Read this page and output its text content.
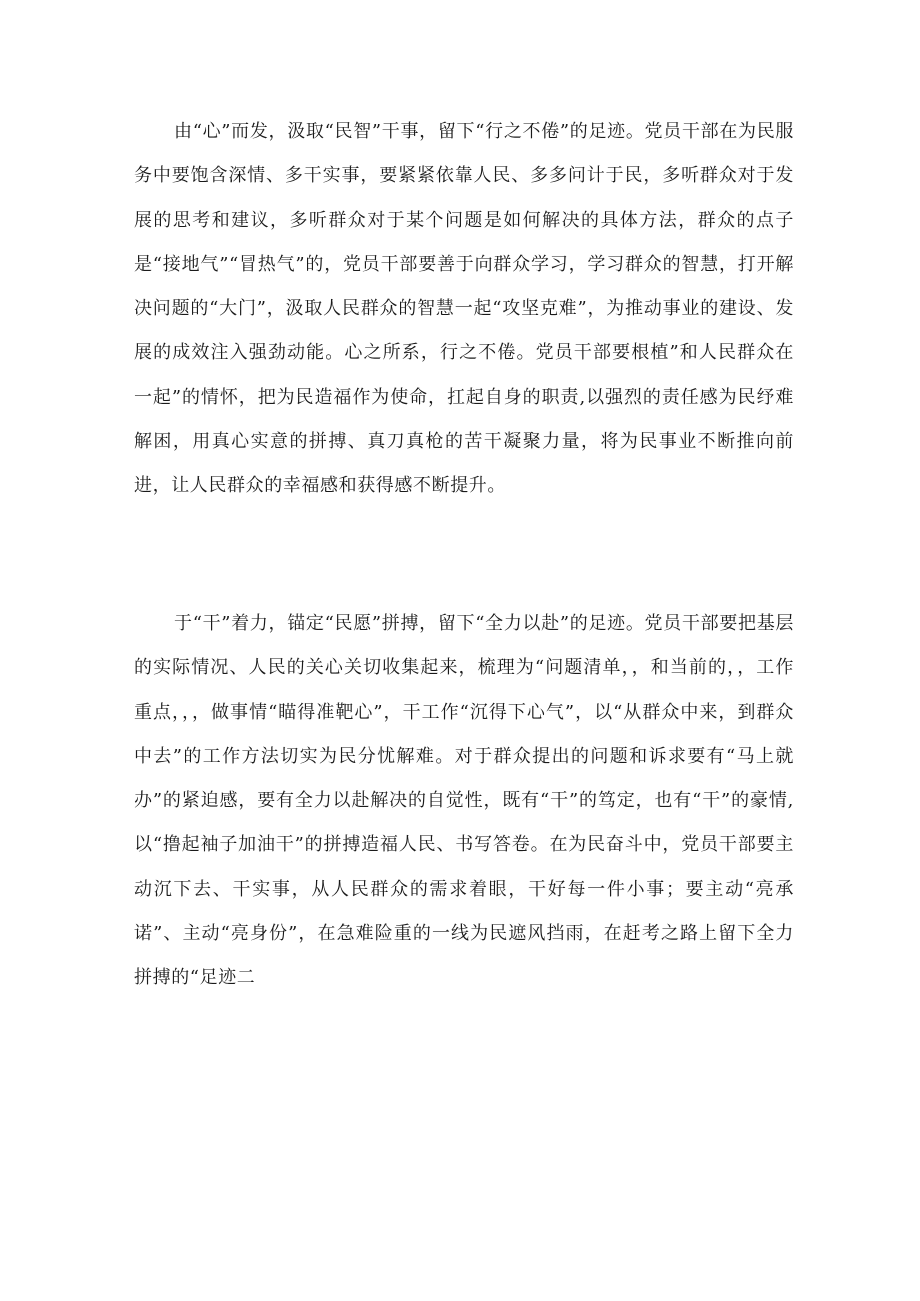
由“心”而发，汲取“民智”干事，留下“行之不倦”的足迹。党员干部在为民服务中要饱含深情、多干实事，要紧紧依靠人民、多多问计于民，多听群众对于发展的思考和建议，多听群众对于某个问题是如何解决的具体方法，群众的点子是“接地气”“冒热气”的，党员干部要善于向群众学习，学习群众的智慧，打开解决问题的“大门”，汲取人民群众的智慧一起“攻坚克难”，为推动事业的建设、发展的成效注入强劲动能。心之所系，行之不倦。党员干部要根植”和人民群众在一起”的情怀，把为民造福作为使命，扛起自身的职责,以强烈的责任感为民纾难解困，用真心实意的拼搏、真刀真枪的苦干凝聚力量，将为民事业不断推向前进，让人民群众的幸福感和获得感不断提升。

于“干”着力，锚定“民愿”拼搏，留下“全力以赴”的足迹。党员干部要把基层的实际情况、人民的关心关切收集起来，梳理为“问题清单，，和当前的，，工作重点，，，做事情“瞄得准靶心”，干工作“沉得下心气”，以“从群众中来，到群众中去”的工作方法切实为民分忧解难。对于群众提出的问题和诉求要有“马上就办”的紧迫感，要有全力以赴解决的自觉性，既有“干”的笃定，也有“干”的豪情,以“撸起袖子加油干”的拼搏造福人民、书写答卷。在为民奋斗中，党员干部要主动沉下去、干实事，从人民群众的需求着眼，干好每一件小事；要主动“亮承诺”、主动“亮身份”，在急难险重的一线为民遮风挡雨，在赶考之路上留下全力拼搏的“足迹二
